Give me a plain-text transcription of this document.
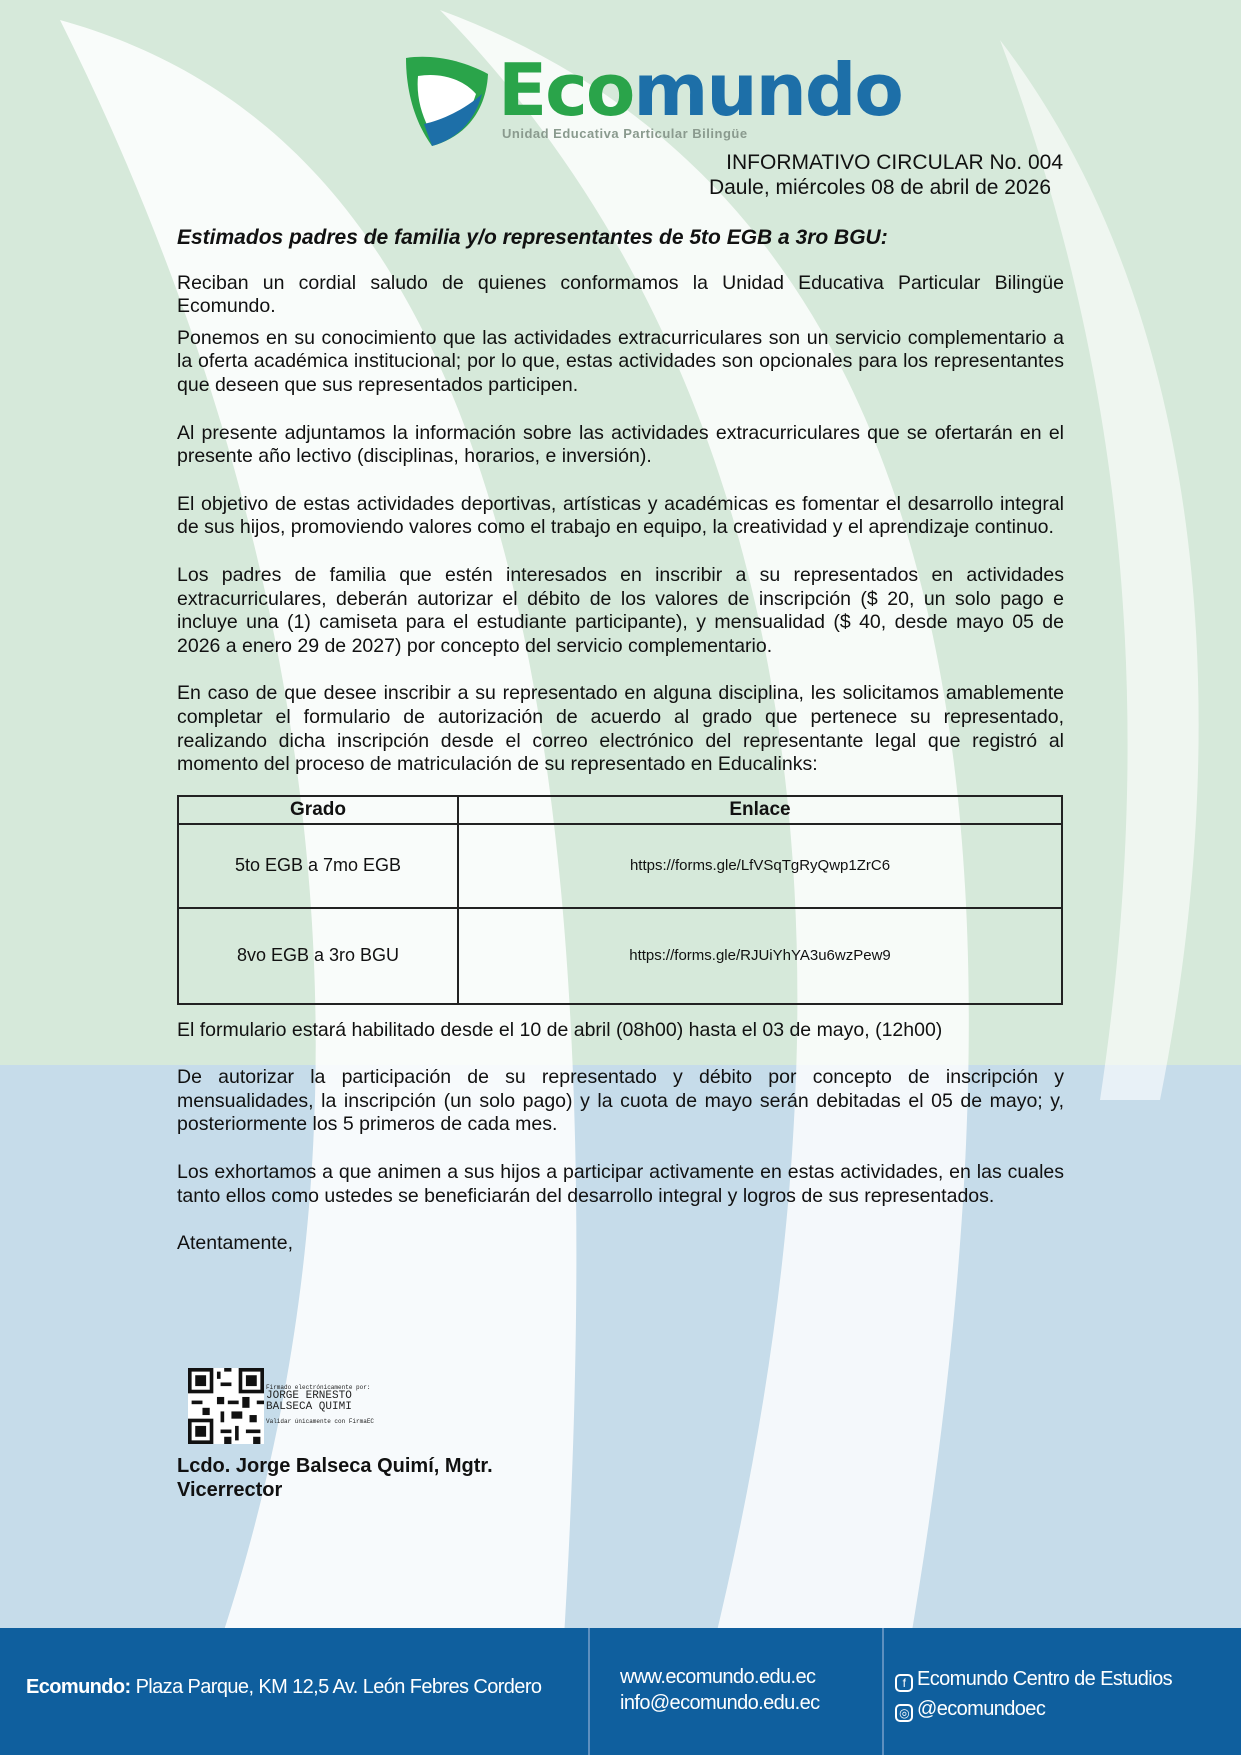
Ecomundo
Unidad Educativa Particular Bilingüe
INFORMATIVO CIRCULAR No. 004
Daule, miércoles 08 de abril de 2026

Estimados padres de familia y/o representantes de 5to EGB a 3ro BGU:

Reciban un cordial saludo de quienes conformamos la Unidad Educativa Particular Bilingüe Ecomundo.

Ponemos en su conocimiento que las actividades extracurriculares son un servicio complementario a la oferta académica institucional; por lo que, estas actividades son opcionales para los representantes que deseen que sus representados participen.

Al presente adjuntamos la información sobre las actividades extracurriculares que se ofertarán en el presente año lectivo (disciplinas, horarios, e inversión).

El objetivo de estas actividades deportivas, artísticas y académicas es fomentar el desarrollo integral de sus hijos, promoviendo valores como el trabajo en equipo, la creatividad y el aprendizaje continuo.

Los padres de familia que estén interesados en inscribir a su representados en actividades extracurriculares, deberán autorizar el débito de los valores de inscripción ($ 20, un solo pago e incluye una (1) camiseta para el estudiante participante), y mensualidad ($ 40, desde mayo 05 de 2026 a enero 29 de 2027) por concepto del servicio complementario.

En caso de que desee inscribir a su representado en alguna disciplina, les solicitamos amablemente completar el formulario de autorización de acuerdo al grado que pertenece su representado, realizando dicha inscripción desde el correo electrónico del representante legal que registró al momento del proceso de matriculación de su representado en Educalinks:

Grado	Enlace
5to EGB a 7mo EGB	https://forms.gle/LfVSqTgRyQwp1ZrC6
8vo EGB a 3ro BGU	https://forms.gle/RJUiYhYA3u6wzPew9

El formulario estará habilitado desde el 10 de abril (08h00) hasta el 03 de mayo, (12h00)

De autorizar la participación de su representado y débito por concepto de inscripción y mensualidades, la inscripción (un solo pago) y la cuota de mayo serán debitadas el 05 de mayo; y, posteriormente los 5 primeros de cada mes.

Los exhortamos a que animen a sus hijos a participar activamente en estas actividades, en las cuales tanto ellos como ustedes se beneficiarán del desarrollo integral y logros de sus representados.

Atentamente,

Firmado electrónicamente por:
JORGE ERNESTO
BALSECA QUIMI
Validar únicamente con FirmaEC
Lcdo. Jorge Balseca Quimí, Mgtr.
Vicerrector
Ecomundo: Plaza Parque, KM 12,5 Av. León Febres Cordero	www.ecomundo.edu.ec
info@ecomundo.edu.ec
f Ecomundo Centro de Estudios
◎ @ecomundoec
